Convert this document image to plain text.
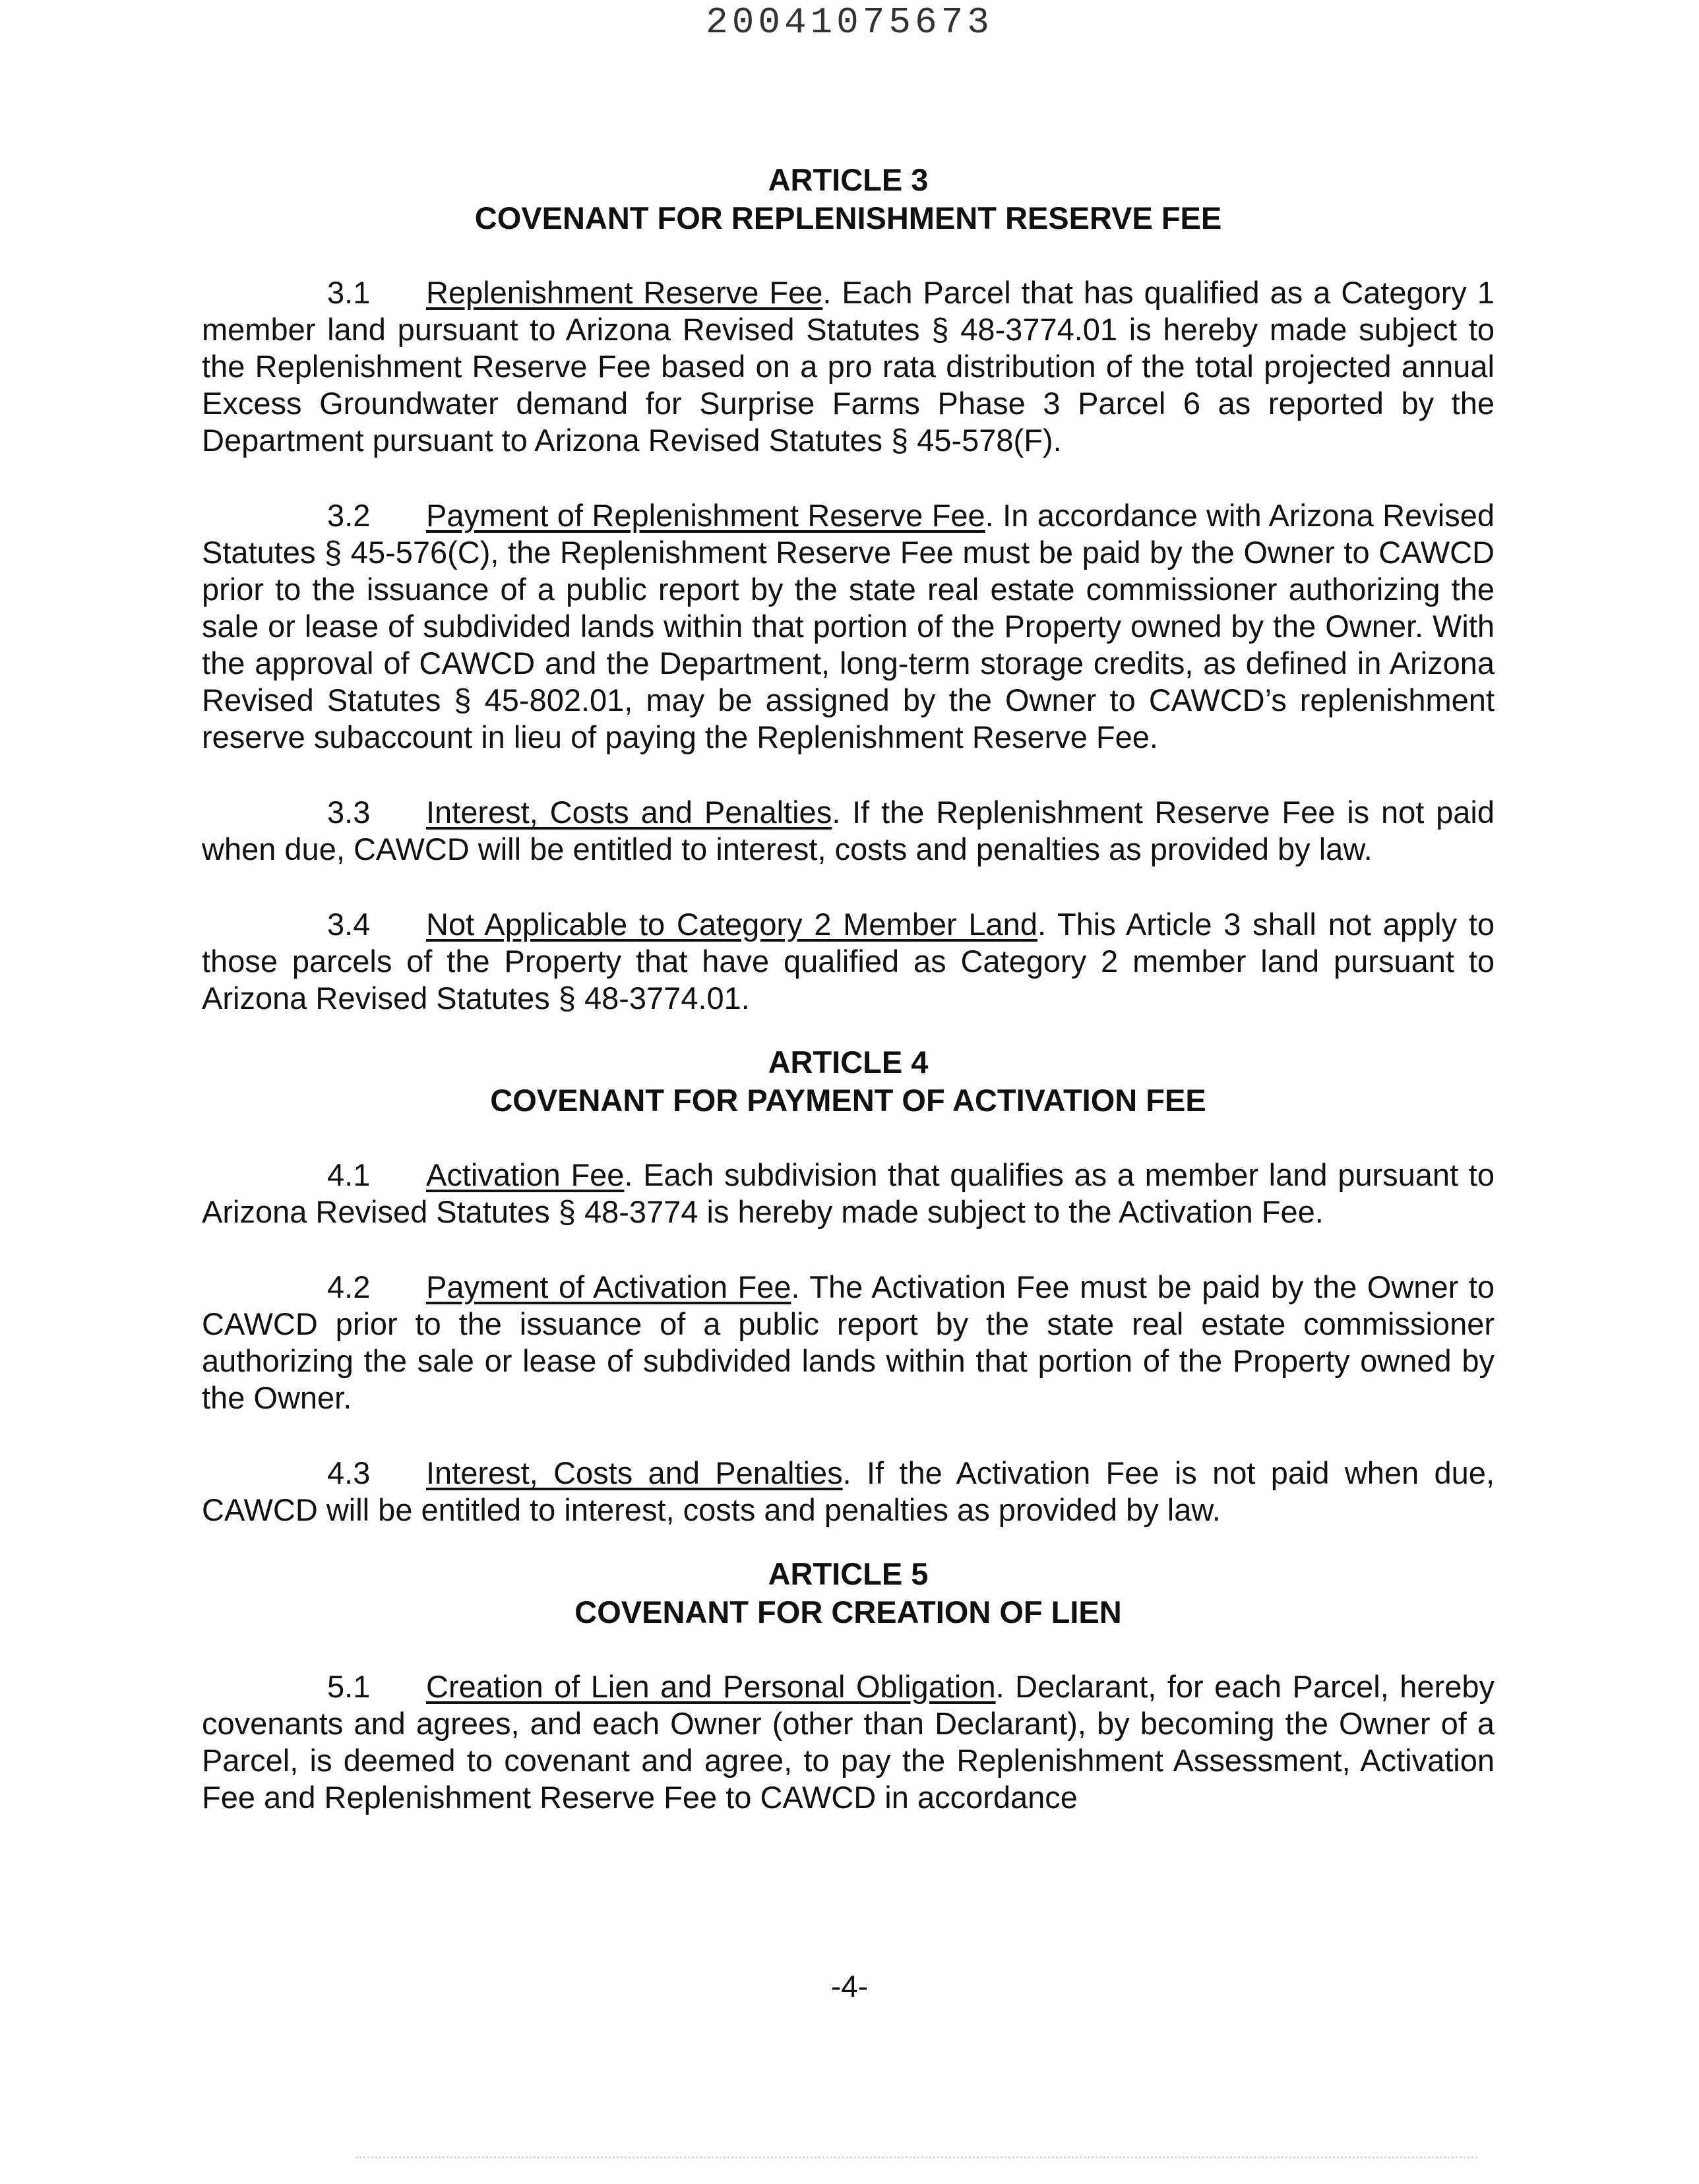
20041075673
ARTICLE 3
COVENANT FOR REPLENISHMENT RESERVE FEE

3.1 Replenishment Reserve Fee. Each Parcel that has qualified as a Category 1 member land pursuant to Arizona Revised Statutes § 48-3774.01 is hereby made subject to the Replenishment Reserve Fee based on a pro rata distribution of the total projected annual Excess Groundwater demand for Surprise Farms Phase 3 Parcel 6 as reported by the Department pursuant to Arizona Revised Statutes § 45-578(F).

3.2 Payment of Replenishment Reserve Fee. In accordance with Arizona Revised Statutes § 45-576(C), the Replenishment Reserve Fee must be paid by the Owner to CAWCD prior to the issuance of a public report by the state real estate commissioner authorizing the sale or lease of subdivided lands within that portion of the Property owned by the Owner. With the approval of CAWCD and the Department, long-term storage credits, as defined in Arizona Revised Statutes § 45-802.01, may be assigned by the Owner to CAWCD’s replenishment reserve subaccount in lieu of paying the Replenishment Reserve Fee.

3.3 Interest, Costs and Penalties. If the Replenishment Reserve Fee is not paid when due, CAWCD will be entitled to interest, costs and penalties as provided by law.

3.4 Not Applicable to Category 2 Member Land. This Article 3 shall not apply to those parcels of the Property that have qualified as Category 2 member land pursuant to Arizona Revised Statutes § 48-3774.01.

ARTICLE 4
COVENANT FOR PAYMENT OF ACTIVATION FEE

4.1 Activation Fee. Each subdivision that qualifies as a member land pursuant to Arizona Revised Statutes § 48-3774 is hereby made subject to the Activation Fee.

4.2 Payment of Activation Fee. The Activation Fee must be paid by the Owner to CAWCD prior to the issuance of a public report by the state real estate commissioner authorizing the sale or lease of subdivided lands within that portion of the Property owned by the Owner.

4.3 Interest, Costs and Penalties. If the Activation Fee is not paid when due, CAWCD will be entitled to interest, costs and penalties as provided by law.

ARTICLE 5
COVENANT FOR CREATION OF LIEN

5.1 Creation of Lien and Personal Obligation. Declarant, for each Parcel, hereby covenants and agrees, and each Owner (other than Declarant), by becoming the Owner of a Parcel, is deemed to covenant and agree, to pay the Replenishment Assessment, Activation Fee and Replenishment Reserve Fee to CAWCD in accordance

-4-
